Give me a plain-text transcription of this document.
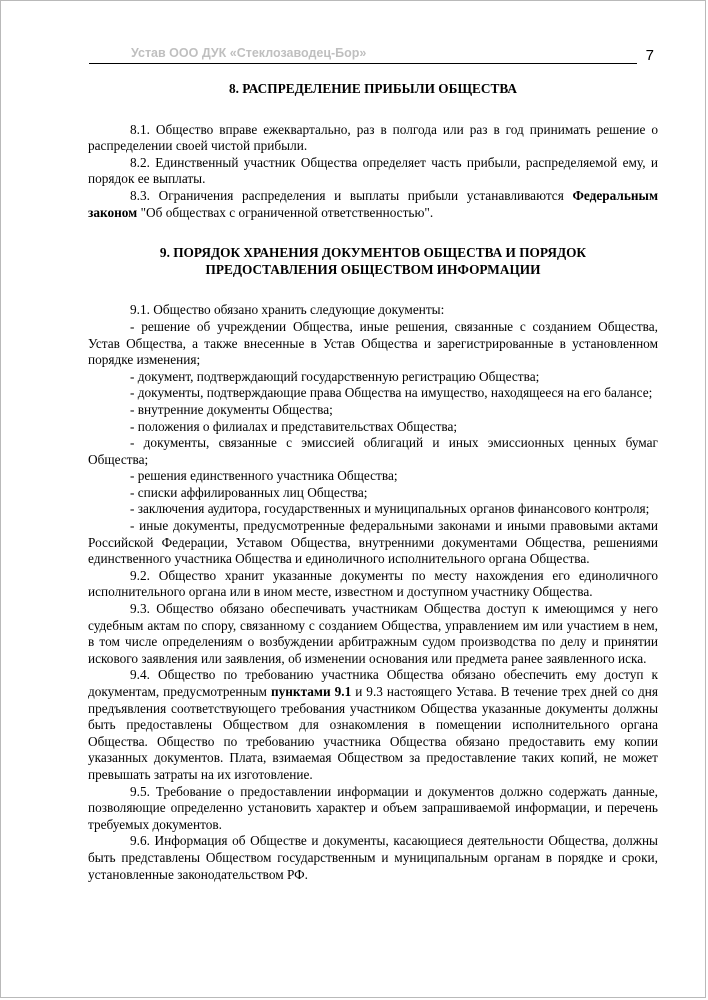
Устав ООО ДУК «Стеклозаводец-Бор»	7

8. РАСПРЕДЕЛЕНИЕ ПРИБЫЛИ ОБЩЕСТВА

8.1. Общество вправе ежеквартально, раз в полгода или раз в год принимать решение о распределении своей чистой прибыли.

8.2. Единственный участник Общества определяет часть прибыли, распределяемой ему, и порядок ее выплаты.

8.3. Ограничения распределения и выплаты прибыли устанавливаются Федеральным законом "Об обществах с ограниченной ответственностью".

9. ПОРЯДОК ХРАНЕНИЯ ДОКУМЕНТОВ ОБЩЕСТВА И ПОРЯДОК

ПРЕДОСТАВЛЕНИЯ ОБЩЕСТВОМ ИНФОРМАЦИИ

9.1. Общество обязано хранить следующие документы:

- решение об учреждении Общества, иные решения, связанные с созданием Общества, Устав Общества, а также внесенные в Устав Общества и зарегистрированные в установленном порядке изменения;

- документ, подтверждающий государственную регистрацию Общества;

- документы, подтверждающие права Общества на имущество, находящееся на его балансе;

- внутренние документы Общества;

- положения о филиалах и представительствах Общества;

- документы, связанные с эмиссией облигаций и иных эмиссионных ценных бумаг Общества;

- решения единственного участника Общества;

- списки аффилированных лиц Общества;

- заключения аудитора, государственных и муниципальных органов финансового контроля;

- иные документы, предусмотренные федеральными законами и иными правовыми актами Российской Федерации, Уставом Общества, внутренними документами Общества, решениями единственного участника Общества и единоличного исполнительного органа Общества.

9.2. Общество хранит указанные документы по месту нахождения его единоличного исполнительного органа или в ином месте, известном и доступном участнику Общества.

9.3. Общество обязано обеспечивать участникам Общества доступ к имеющимся у него судебным актам по спору, связанному с созданием Общества, управлением им или участием в нем, в том числе определениям о возбуждении арбитражным судом производства по делу и принятии искового заявления или заявления, об изменении основания или предмета ранее заявленного иска.

9.4. Общество по требованию участника Общества обязано обеспечить ему доступ к документам, предусмотренным пунктами 9.1 и 9.3 настоящего Устава. В течение трех дней со дня предъявления соответствующего требования участником Общества указанные документы должны быть предоставлены Обществом для ознакомления в помещении исполнительного органа Общества. Общество по требованию участника Общества обязано предоставить ему копии указанных документов. Плата, взимаемая Обществом за предоставление таких копий, не может превышать затраты на их изготовление.

9.5. Требование о предоставлении информации и документов должно содержать данные, позволяющие определенно установить характер и объем запрашиваемой информации, и перечень требуемых документов.

9.6. Информация об Обществе и документы, касающиеся деятельности Общества, должны быть представлены Обществом государственным и муниципальным органам в порядке и сроки, установленные законодательством РФ.
